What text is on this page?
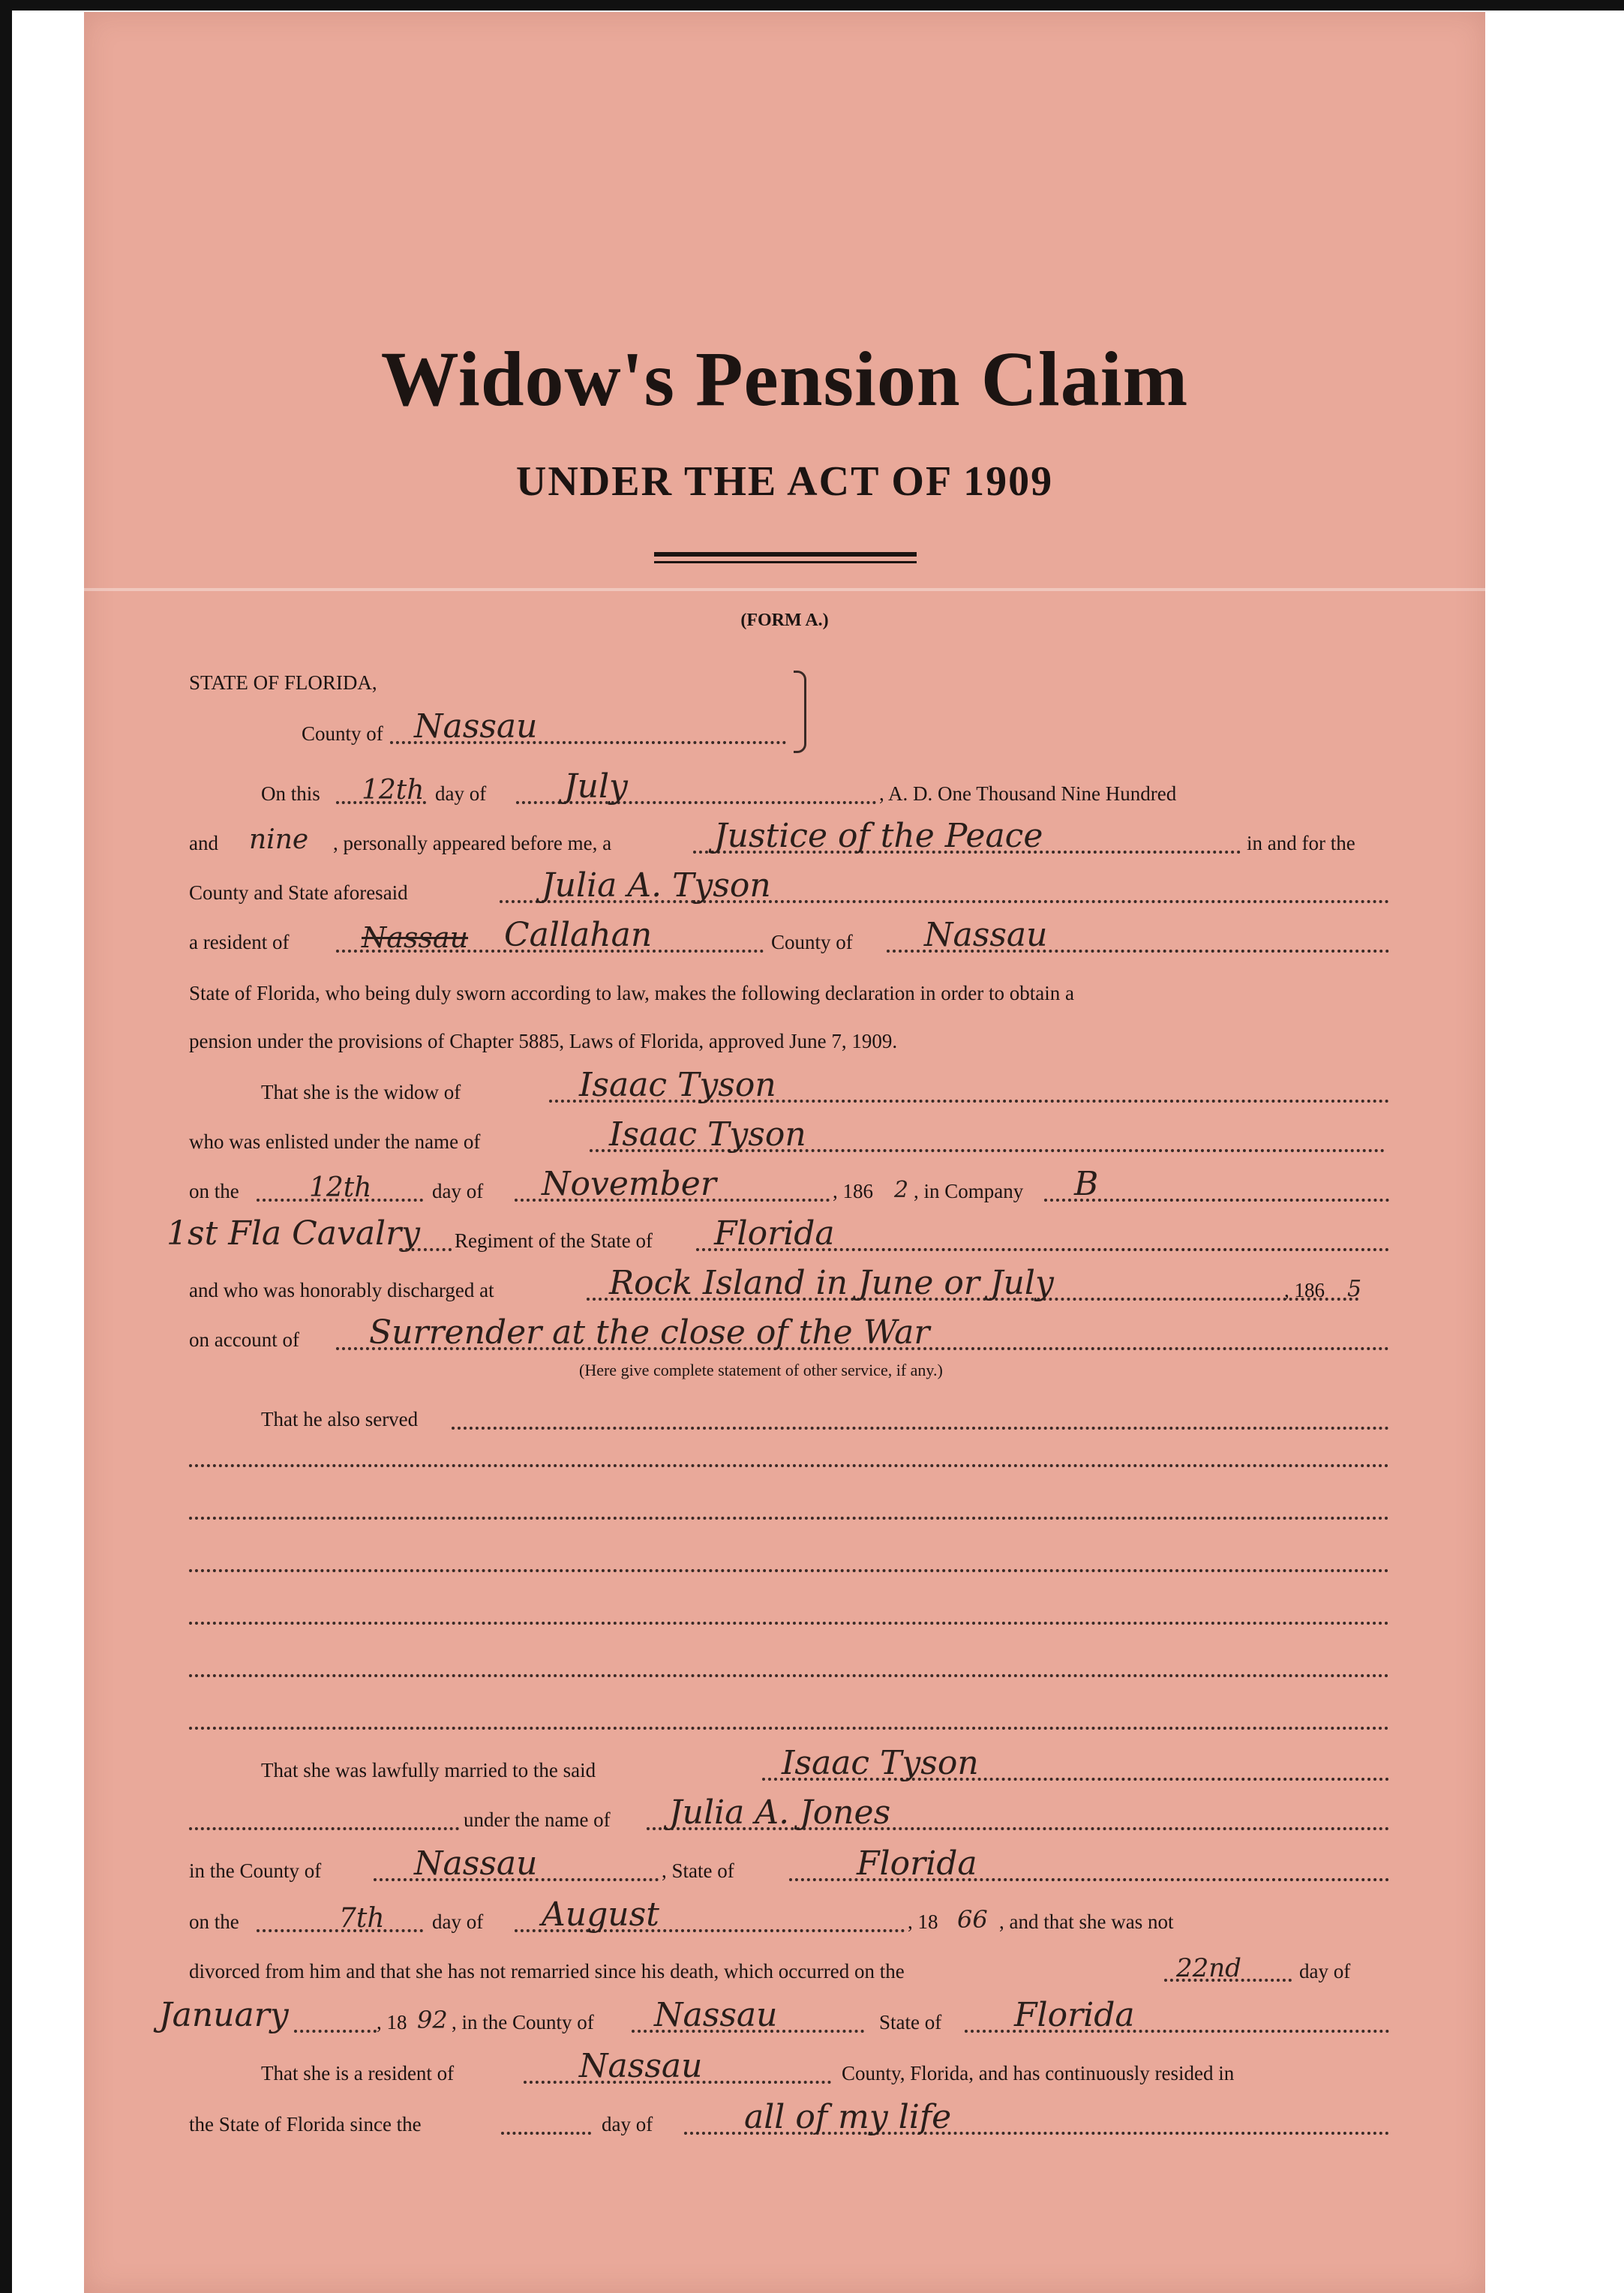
Widow's Pension Claim
UNDER THE ACT OF 1909
(FORM A.)
STATE OF FLORIDA,
County of Nassau
On this 12th day of July	, A. D. One Thousand Nine Hundred
and nine , personally appeared before me, a	Justice of the Peace	in and for the
County and State aforesaid	Julia A. Tyson
a resident of	Nassau Callahan	County of Nassau
State of Florida, who being duly sworn according to law, makes the following declaration in order to obtain a
pension under the provisions of Chapter 5885, Laws of Florida, approved June 7, 1909.
That she is the widow of	Isaac Tyson
who was enlisted under the name of	Isaac Tyson
on the	12th	day of November	, 186 2 , in Company B
1st Fla Cavalry Regiment of the State of Florida
and who was honorably discharged at	Rock Island in June or July	, 186 5
on account of Surrender at the close of the War
(Here give complete statement of other service, if any.)
That he also served
That she was lawfully married to the said	Isaac Tyson
under the name of Julia A. Jones
in the County of	Nassau	, State of	Florida
on the	7th day of August	, 18 66 , and that she was not
divorced from him and that she has not remarried since his death, which occurred on the	22nd	day of
January	, 18 92 , in the County of Nassau	State of Florida
That she is a resident of	Nassau	County, Florida, and has continuously resided in
the State of Florida since the	day of	all of my life
